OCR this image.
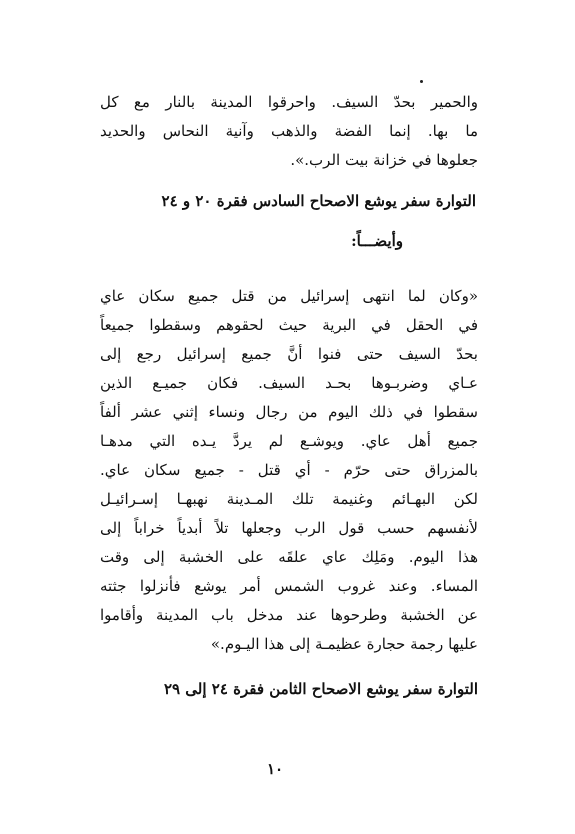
والحمير بحدّ السيف. واحرقوا المدينة بالنار مع كل
ما بها. إنما الفضة والذهب وآنية النحاس والحديد
جعلوها في خزانة بيت الرب.».

التوارة سفر يوشع الاصحاح السادس فقرة ٢٠ و ٢٤
وأيضـــاً:

«وكان لما انتهى إسرائيل من قتل جميع سكان عاي
في الحقل في البرية حيث لحقوهم وسقطوا جميعاً
بحدّ السيف حتى فنوا أنَّ جميع إسرائيل رجع إلى
عـاي وضربـوها بحـد السيف. فكان جميـع الذين
سقطوا في ذلك اليوم من رجال ونساء إثني عشر ألفاً
جميع أهل عاي. ويوشـع لم يردَّ يـده التي مدهـا
بالمزراق حتى حرّم - أي قتل - جميع سكان عاي.
لكن البهـائم وغنيمة تلك المـدينة نهبهـا إسـرائيـل
لأنفسهم حسب قول الرب وجعلها تلاً أبدياً خراباً إلى
هذا اليوم. ومَلِك عاي علقَه على الخشبة إلى وقت
المساء. وعند غروب الشمس أمر يوشع فأنزلوا جثته
عن الخشبة وطرحوها عند مدخل باب المدينة وأقاموا
عليها رجمة حجارة عظيمـة إلى هذا اليـوم.»

التوارة سفر يوشع الاصحاح الثامن فقرة ٢٤ إلى ٢٩
١٠
